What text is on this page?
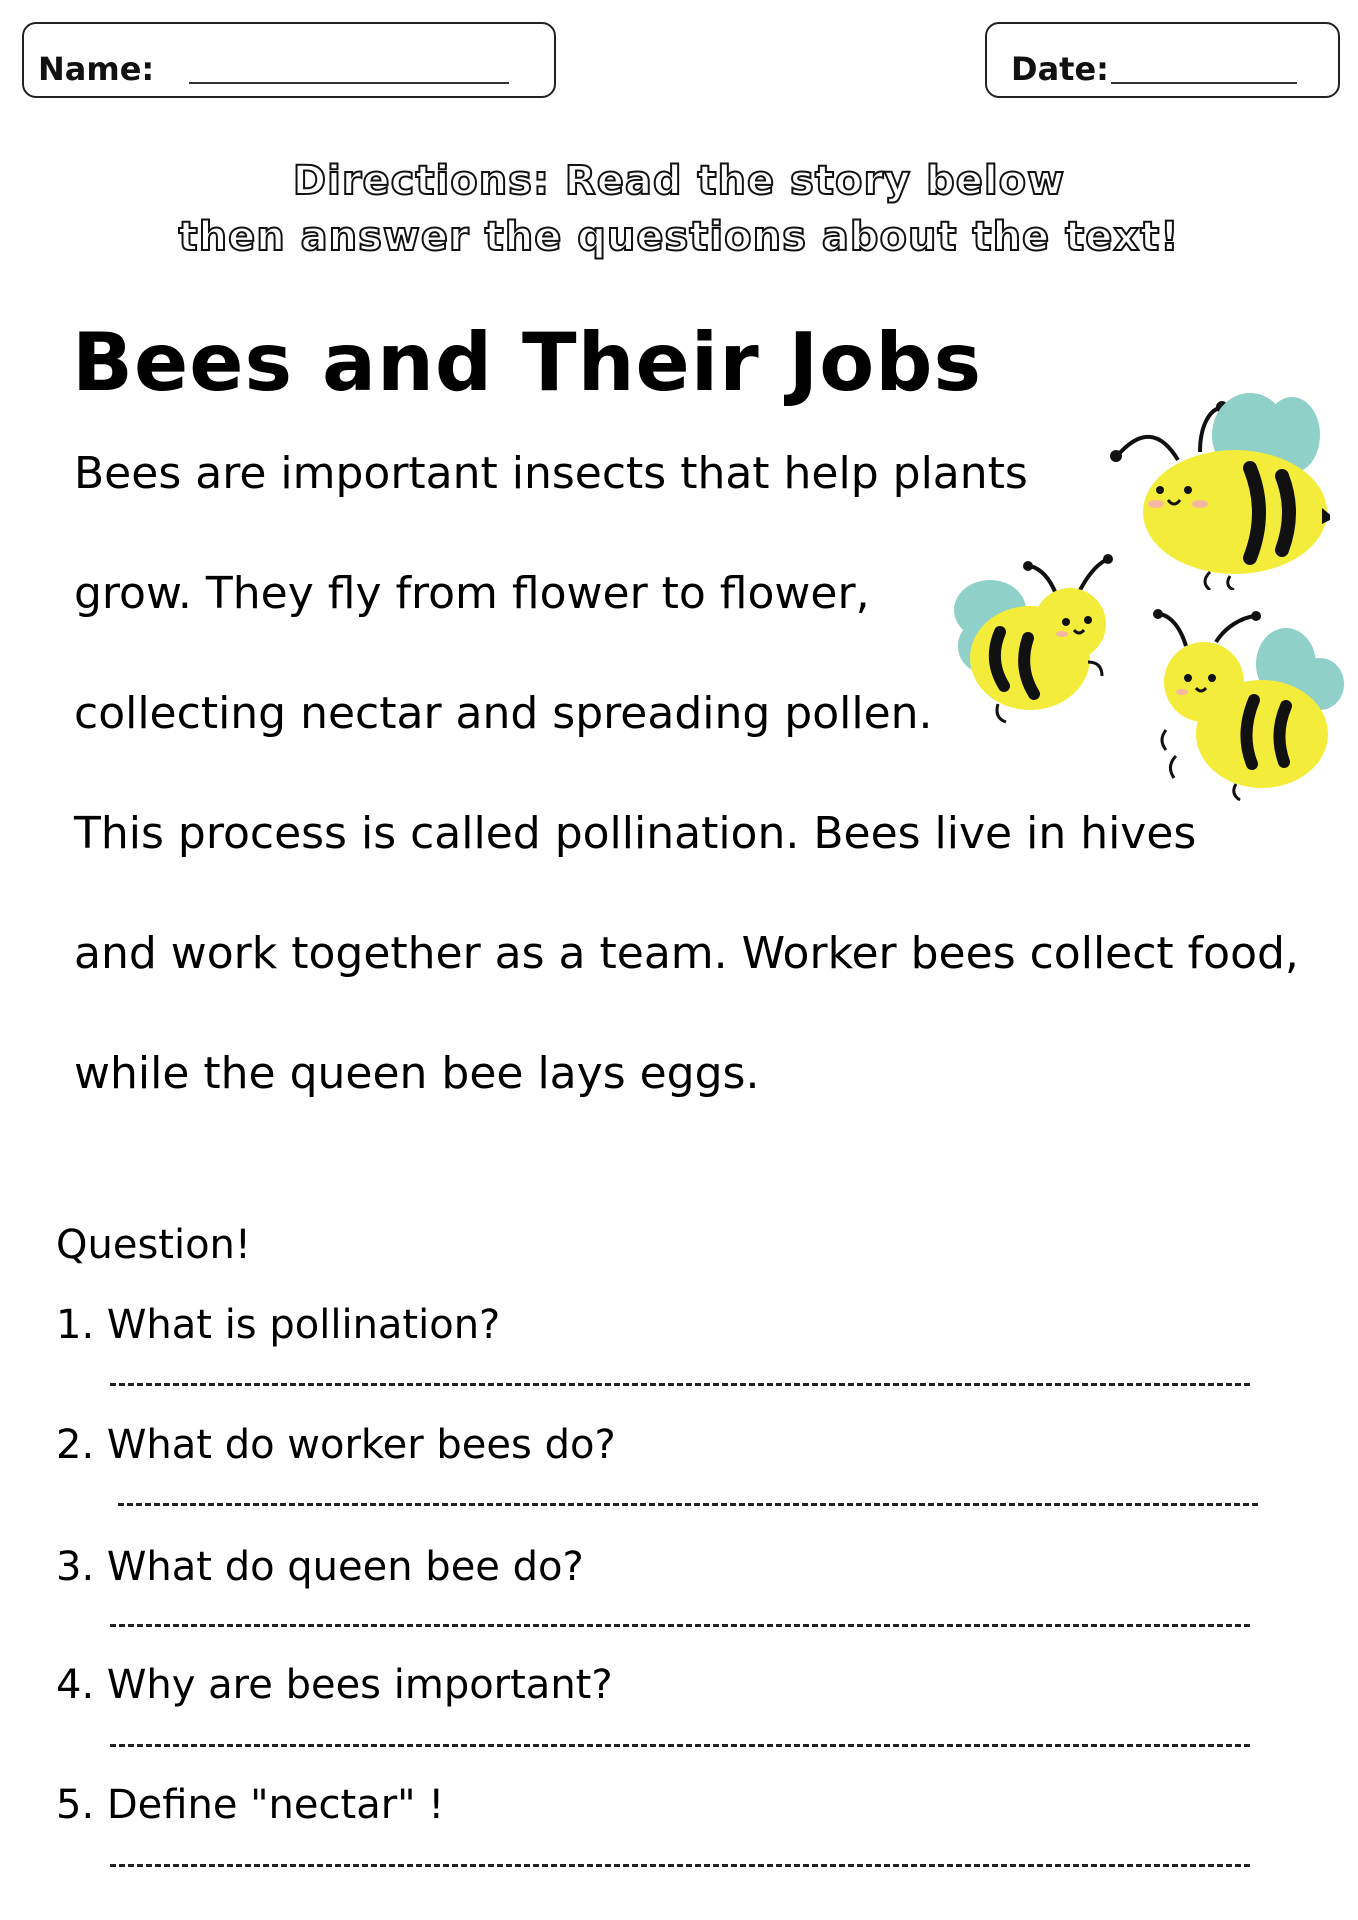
Name:	Date:
Directions: Read the story below
then answer the questions about the text!
Bees and Their Jobs
Bees are important insects that help plants
grow. They fly from flower to flower,
collecting nectar and spreading pollen.
This process is called pollination. Bees live in hives
and work together as a team. Worker bees collect food,
while the queen bee lays eggs.
Question!
1. What is pollination?
2. What do worker bees do?
3. What do queen bee do?
4. Why are bees important?
5. Define "nectar" !
